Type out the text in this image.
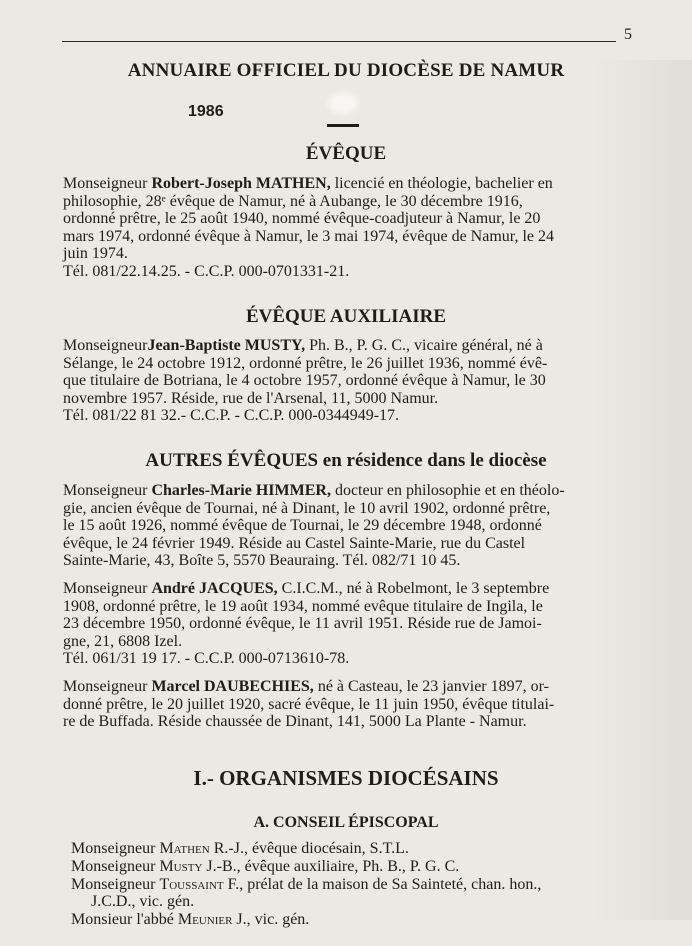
5
ANNUAIRE OFFICIEL DU DIOCÈSE DE NAMUR
1986
ÉVÊQUE

Monseigneur Robert-Joseph MATHEN, licencié en théologie, bachelier en
philosophie, 28ᵉ évêque de Namur, né à Aubange, le 30 décembre 1916,
ordonné prêtre, le 25 août 1940, nommé évêque-coadjuteur à Namur, le 20
mars 1974, ordonné évêque à Namur, le 3 mai 1974, évêque de Namur, le 24
juin 1974.
Tél. 081/22.14.25. - C.C.P. 000-0701331-21.

ÉVÊQUE AUXILIAIRE

MonseigneurJean-Baptiste MUSTY, Ph. B., P. G. C., vicaire général, né à
Sélange, le 24 octobre 1912, ordonné prêtre, le 26 juillet 1936, nommé évê-
que titulaire de Botriana, le 4 octobre 1957, ordonné évêque à Namur, le 30
novembre 1957. Réside, rue de l'Arsenal, 11, 5000 Namur.
Tél. 081/22 81 32.- C.C.P. - C.C.P. 000-0344949-17.

AUTRES ÉVÊQUES en résidence dans le diocèse

Monseigneur Charles-Marie HIMMER, docteur en philosophie et en théolo-
gie, ancien évêque de Tournai, né à Dinant, le 10 avril 1902, ordonné prêtre,
le 15 août 1926, nommé évêque de Tournai, le 29 décembre 1948, ordonné
évêque, le 24 février 1949. Réside au Castel Sainte-Marie, rue du Castel
Sainte-Marie, 43, Boîte 5, 5570 Beauraing. Tél. 082/71 10 45.

Monseigneur André JACQUES, C.I.C.M., né à Robelmont, le 3 septembre
1908, ordonné prêtre, le 19 août 1934, nommé evêque titulaire de Ingila, le
23 décembre 1950, ordonné évêque, le 11 avril 1951. Réside rue de Jamoi-
gne, 21, 6808 Izel.
Tél. 061/31 19 17. - C.C.P. 000-0713610-78.

Monseigneur Marcel DAUBECHIES, né à Casteau, le 23 janvier 1897, or-
donné prêtre, le 20 juillet 1920, sacré évêque, le 11 juin 1950, évêque titulai-
re de Buffada. Réside chaussée de Dinant, 141, 5000 La Plante - Namur.

I.- ORGANISMES DIOCÉSAINS
A. CONSEIL ÉPISCOPAL
Monseigneur Mathen R.-J., évêque diocésain, S.T.L.
Monseigneur Musty J.-B., évêque auxiliaire, Ph. B., P. G. C.
Monseigneur Toussaint F., prélat de la maison de Sa Sainteté, chan. hon.,
J.C.D., vic. gén.
Monsieur l'abbé Meunier J., vic. gén.
